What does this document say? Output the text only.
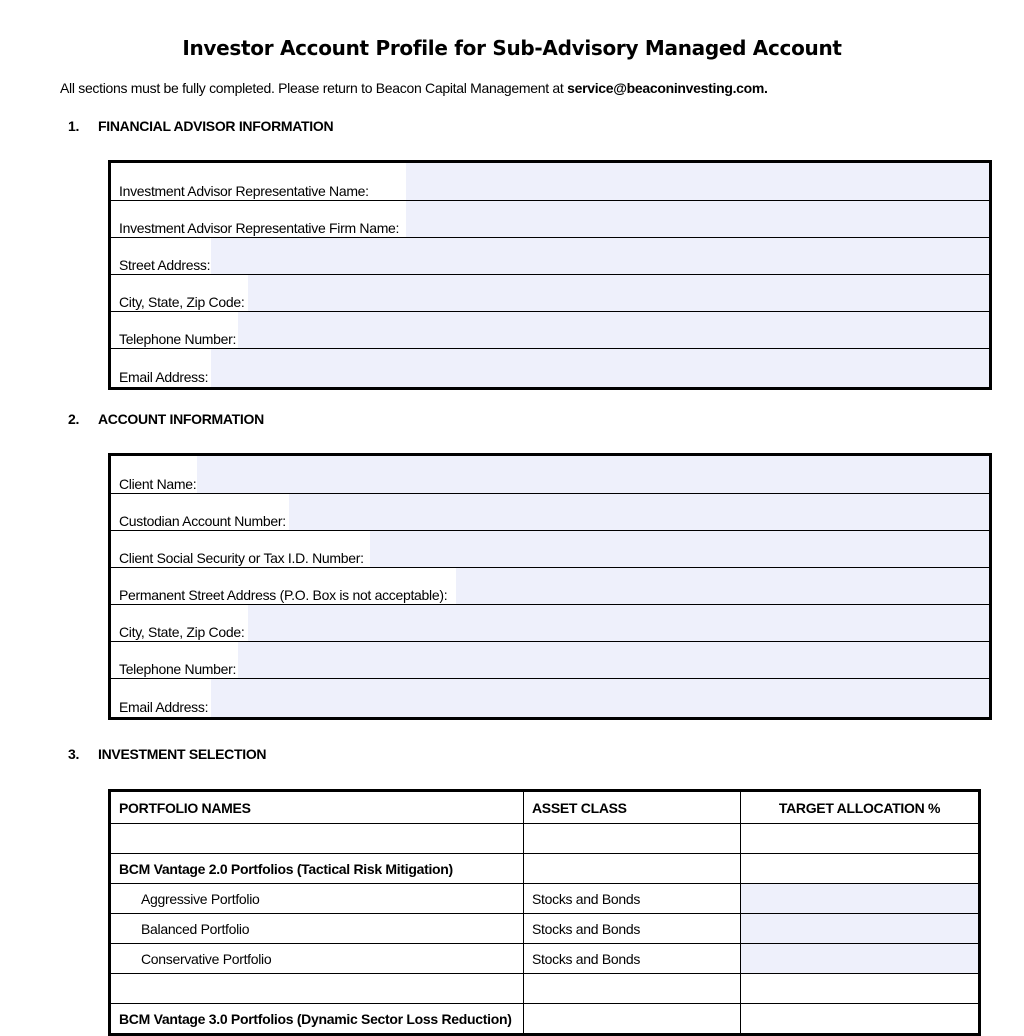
Investor Account Profile for Sub-Advisory Managed Account
All sections must be fully completed. Please return to Beacon Capital Management at service@beaconinvesting.com.
1. FINANCIAL ADVISOR INFORMATION
Investment Advisor Representative Name:
Investment Advisor Representative Firm Name:
Street Address:
City, State, Zip Code:
Telephone Number:
Email Address:
2. ACCOUNT INFORMATION
Client Name:
Custodian Account Number:
Client Social Security or Tax I.D. Number:
Permanent Street Address (P.O. Box is not acceptable):
City, State, Zip Code:
Telephone Number:
Email Address:
3. INVESTMENT SELECTION
PORTFOLIO NAMES	ASSET CLASS	TARGET ALLOCATION %

BCM Vantage 2.0 Portfolios (Tactical Risk Mitigation)		
Aggressive Portfolio	Stocks and Bonds	
Balanced Portfolio	Stocks and Bonds	
Conservative Portfolio	Stocks and Bonds	

BCM Vantage 3.0 Portfolios (Dynamic Sector Loss Reduction)		
